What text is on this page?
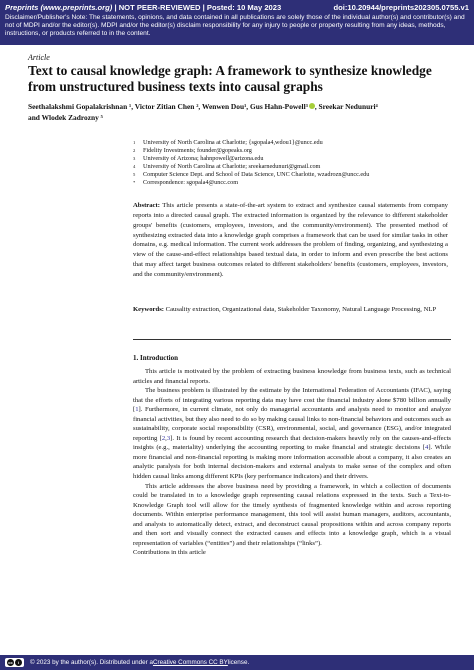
Preprints (www.preprints.org) | NOT PEER-REVIEWED | Posted: 10 May 2023	doi:10.20944/preprints202305.0755.v1
Disclaimer/Publisher's Note: The statements, opinions, and data contained in all publications are solely those of the individual author(s) and contributor(s) and not of MDPI and/or the editor(s). MDPI and/or the editor(s) disclaim responsibility for any injury to people or property resulting from any ideas, methods, instructions, or products referred to in the content.
Article
Text to causal knowledge graph: A framework to synthesize knowledge from unstructured business texts into causal graphs
Seethalakshmi Gopalakrishnan ¹, Victor Zitian Chen ², Wenwen Dou¹, Gus Hahn-Powell³ , Sreekar Nedunuri⁴
and Wlodek Zadrozny ⁵
1	University of North Carolina at Charlotte; {sgopala4,wdou1}@uncc.edu
2	Fidelity Investments; founder@gopeaks.org
3	University of Arizona; hahnpowell@arizona.edu
4	University of North Carolina at Charlotte; sreekarnedunuri@gmail.com
5	Computer Science Dept. and School of Data Science, UNC Charlotte, wzadrozn@uncc.edu
*	Correspondence: sgopala4@uncc.com
Abstract: This article presents a state-of-the-art system to extract and synthesize causal statements from company reports into a directed causal graph. The extracted information is organized by the relevance to different stakeholder groups' benefits (customers, employees, investors, and the community/environment). The presented method of synthesizing extracted data into a knowledge graph comprises a framework that can be used for similar tasks in other domains, e.g. medical information. The current work addresses the problem of finding, organizing, and synthesizing a view of the cause-and-effect relationships based textual data, in order to inform and even prescribe the best actions that may affect target business outcomes related to different stakeholders' benefits (customers, employees, investors, and the community/environment).
Keywords: Causality extraction, Organizational data, Stakeholder Taxonomy, Natural Language Processing, NLP
1. Introduction

This article is motivated by the problem of extracting business knowledge from business texts, such as technical articles and financial reports.

The business problem is illustrated by the estimate by the International Federation of Accountants (IFAC), saying that the efforts of integrating various reporting data may have cost the financial industry alone $780 billion annually [1]. Furthermore, in current climate, not only do managerial accountants and analysts need to monitor and analyze financial activities, but they also need to do so by making causal links to non-financial behaviors and outcomes such as sustainability, corporate social responsibility (CSR), environmental, social, and governance (ESG), and/or integrated reporting [2,3]. It is found by recent accounting research that decision-makers heavily rely on the causes-and-effects insights (e.g., materiality) underlying the accounting reporting to make financial and strategic decisions [4]. While more financial and non-financial reporting is making more information accessible about a company, it also creates an analytic paralysis for both internal decision-makers and external analysts to make sense of the complex and often hidden causal links among different KPIs (key performance indicators) and their drivers.

This article addresses the above business need by providing a framework, in which a collection of documents could be translated in to a knowledge graph representing causal relations expressed in the texts. Such a Text-to-Knowledge Graph tool will allow for the timely synthesis of fragmented knowledge within and across reporting documents. Within enterprise performance management, this tool will assist human managers, auditors, accountants, and analysts to automatically detect, extract, and deconstruct causal propositions within and across company reports and then sort and visually connect the extracted causes and effects into a knowledge graph, which is a visual representation of variables (“entities”) and their relationships (“links”).

Contributions in this article

cc	i	© 2023 by the author(s). Distributed under a Creative Commons CC BY license.
